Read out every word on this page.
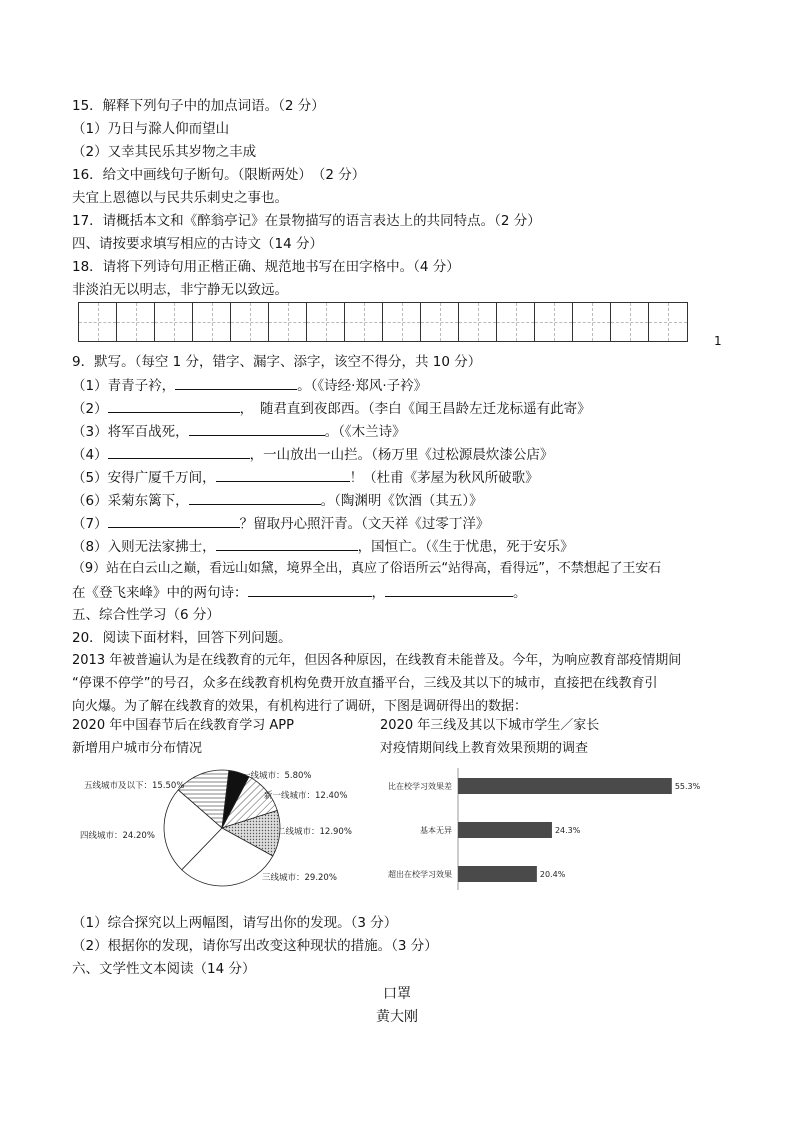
15．解释下列句子中的加点词语。（2 分）
（1）乃日与滁人仰而望山
（2）又幸其民乐其岁物之丰成
16．给文中画线句子断句。（限断两处）　（2 分）
夫宜上恩德以与民共乐刺史之事也。
17．请概括本文和《醉翁亭记》在景物描写的语言表达上的共同特点。（2 分）
四、请按要求填写相应的古诗文（14 分）
18．请将下列诗句用正楷正确、规范地书写在田字格中。（4 分）
非淡泊无以明志，非宁静无以致远。
1
9．默写。（每空 1 分，错字、漏字、添字，该空不得分，共 10 分）
（1）青青子衿，	。（《诗经·郑风·子衿》
（2）	，　随君直到夜郎西。（李白《闻王昌龄左迁龙标遥有此寄》
（3）将军百战死，	。（《木兰诗》
（4）	，一山放出一山拦。（杨万里《过松源晨炊漆公店》
（5）安得广厦千万间，	！（杜甫《茅屋为秋风所破歌》
（6）采菊东篱下，	。（陶渊明《饮酒（其五）》
（7）	？留取丹心照汗青。（文天祥《过零丁洋》
（8）入则无法家拂士，	，国恒亡。（《生于忧患，死于安乐》
（9）站在白云山之巅，看远山如黛，境界全出，真应了俗语所云“站得高，看得远”，不禁想起了王安石
在《登飞来峰》中的两句诗：	，	。
五、综合性学习（6 分）
20．阅读下面材料，回答下列问题。
2013 年被普遍认为是在线教育的元年，但因各种原因，在线教育未能普及。今年，为响应教育部疫情期间
“停课不停学”的号召，众多在线教育机构免费开放直播平台，三线及其以下的城市，直接把在线教育引
向火爆。为了解在线教育的效果，有机构进行了调研，下图是调研得出的数据：
2020 年中国春节后在线教育学习 APP
新增用户城市分布情况
2020 年三线及其以下城市学生／家长
对疫情期间线上教育效果预期的调查
一线城市：5.80%
新一线城市：12.40%
二线城市：12.90%
三线城市：29.20%
四线城市：24.20%
五线城市及以下：15.50%	比在校学习效果差	55.3%
基本无异	24.3%
超出在校学习效果	20.4%
（1）综合探究以上两幅图，请写出你的发现。（3 分）
（2）根据你的发现，请你写出改变这种现状的措施。（3 分）
六、文学性文本阅读（14 分）
口罩
黄大刚
